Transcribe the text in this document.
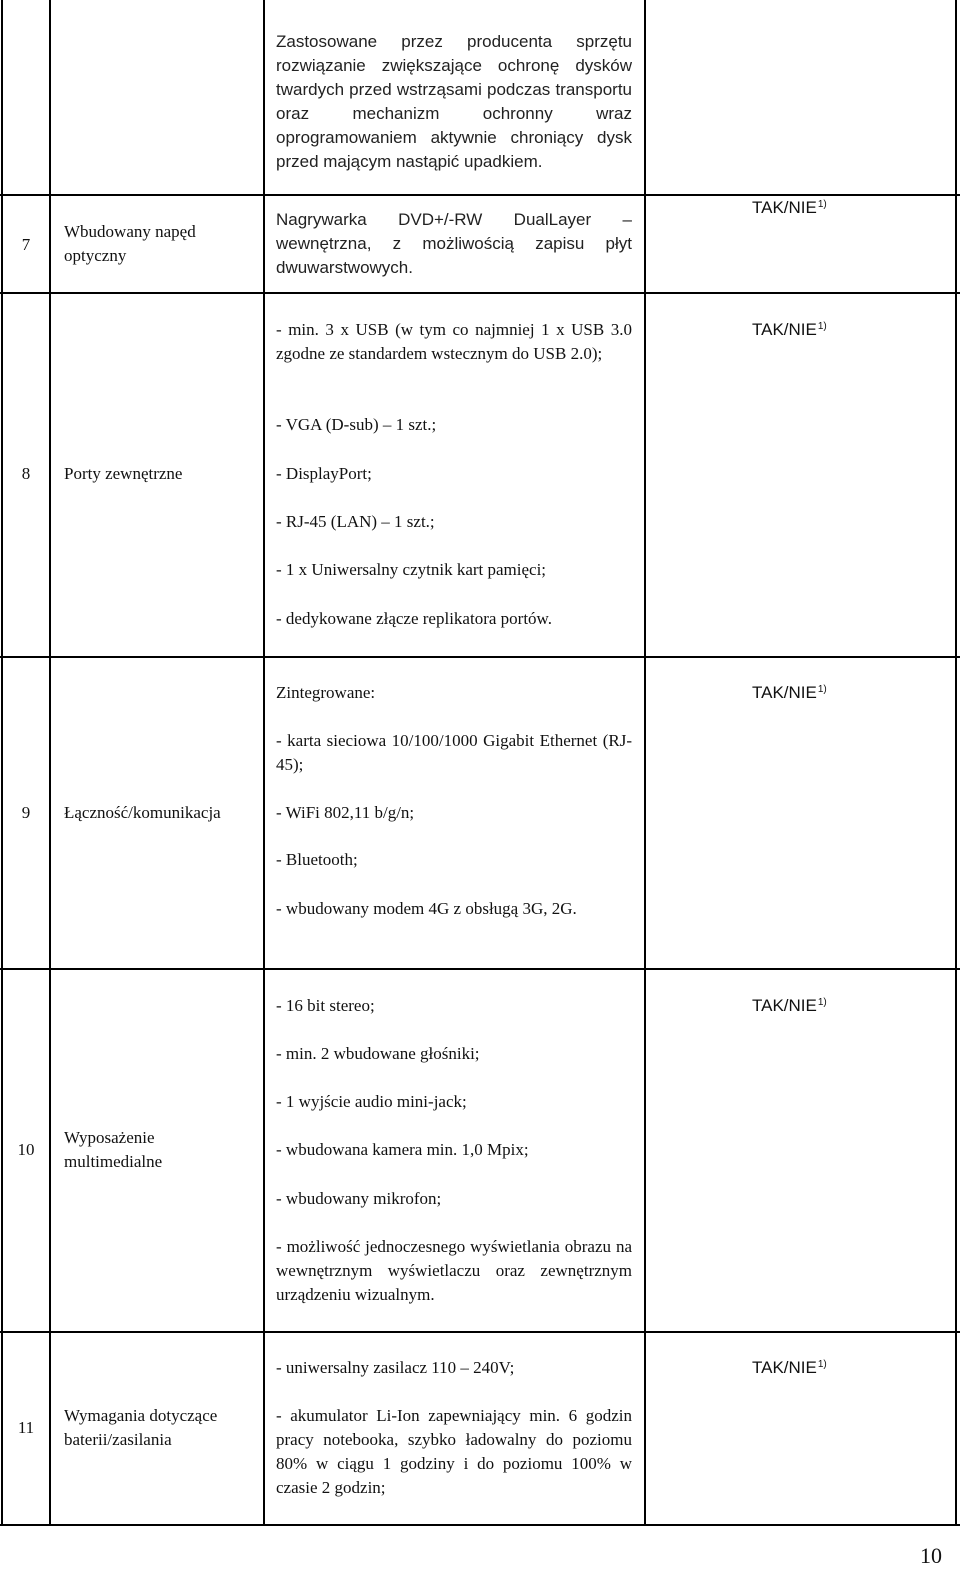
Zastosowane przez producenta sprzętu rozwiązanie zwiększające ochronę dysków twardych przed wstrząsami podczas transportu oraz mechanizm ochronny wraz oprogramowaniem aktywnie chroniący dysk przed mającym nastąpić upadkiem.
7
Wbudowany napęd optyczny
Nagrywarka DVD+/-RW DualLayer – wewnętrzna, z możliwością zapisu płyt dwuwarstwowych.
TAK/NIE$^{1)}$
8	Porty zewnętrzne
- min. 3 x USB (w tym co najmniej 1 x USB 3.0 zgodne ze standardem wstecznym do USB 2.0);
- VGA (D-sub) – 1 szt.;
- DisplayPort;
- RJ-45 (LAN) – 1 szt.;
- 1 x Uniwersalny czytnik kart pamięci;
- dedykowane złącze replikatora portów.
TAK/NIE$^{1)}$
9	Łączność/komunikacja
Zintegrowane:
- karta sieciowa 10/100/1000 Gigabit Ethernet (RJ-45);
- WiFi 802,11 b/g/n;
- Bluetooth;
- wbudowany modem 4G z obsługą 3G, 2G.
TAK/NIE$^{1)}$
10
Wyposażenie multimedialne
- 16 bit stereo;
- min. 2 wbudowane głośniki;
- 1 wyjście audio mini-jack;
- wbudowana kamera min. 1,0 Mpix;
- wbudowany mikrofon;
- możliwość jednoczesnego wyświetlania obrazu na wewnętrznym wyświetlaczu oraz zewnętrznym urządzeniu wizualnym.
TAK/NIE$^{1)}$
11
Wymagania dotyczące baterii/zasilania
- uniwersalny zasilacz 110 – 240V;
- akumulator Li-Ion zapewniający min. 6 godzin pracy notebooka, szybko ładowalny do poziomu 80% w ciągu 1 godziny i do poziomu 100% w czasie 2 godzin;
TAK/NIE$^{1)}$
10
